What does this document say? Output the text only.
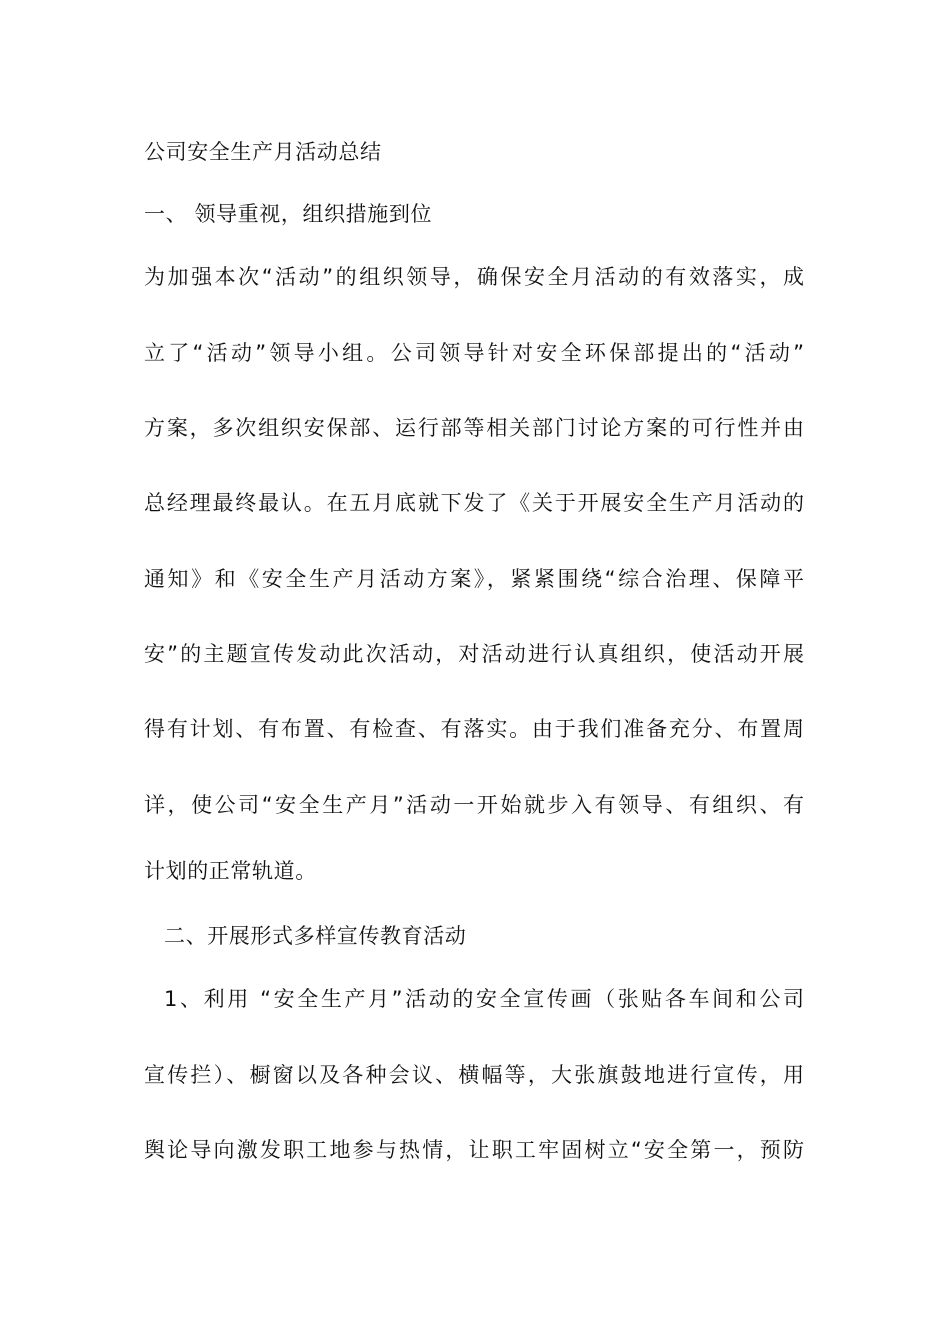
公司安全生产月活动总结
一、 领导重视，组织措施到位
为加强本次“活动”的组织领导，确保安全月活动的有效落实，成
立了“活动”领导小组。公司领导针对安全环保部提出的“活动”
方案，多次组织安保部、运行部等相关部门讨论方案的可行性并由
总经理最终最认。在五月底就下发了《关于开展安全生产月活动的
通知》和《安全生产月活动方案》，紧紧围绕“综合治理、保障平
安”的主题宣传发动此次活动，对活动进行认真组织，使活动开展
得有计划、有布置、有检查、有落实。由于我们准备充分、布置周
详，使公司“安全生产月”活动一开始就步入有领导、有组织、有
计划的正常轨道。
二、开展形式多样宣传教育活动
1、利用 “安全生产月”活动的安全宣传画（张贴各车间和公司
宣传拦）、橱窗以及各种会议、横幅等，大张旗鼓地进行宣传，用
舆论导向激发职工地参与热情，让职工牢固树立“安全第一，预防
